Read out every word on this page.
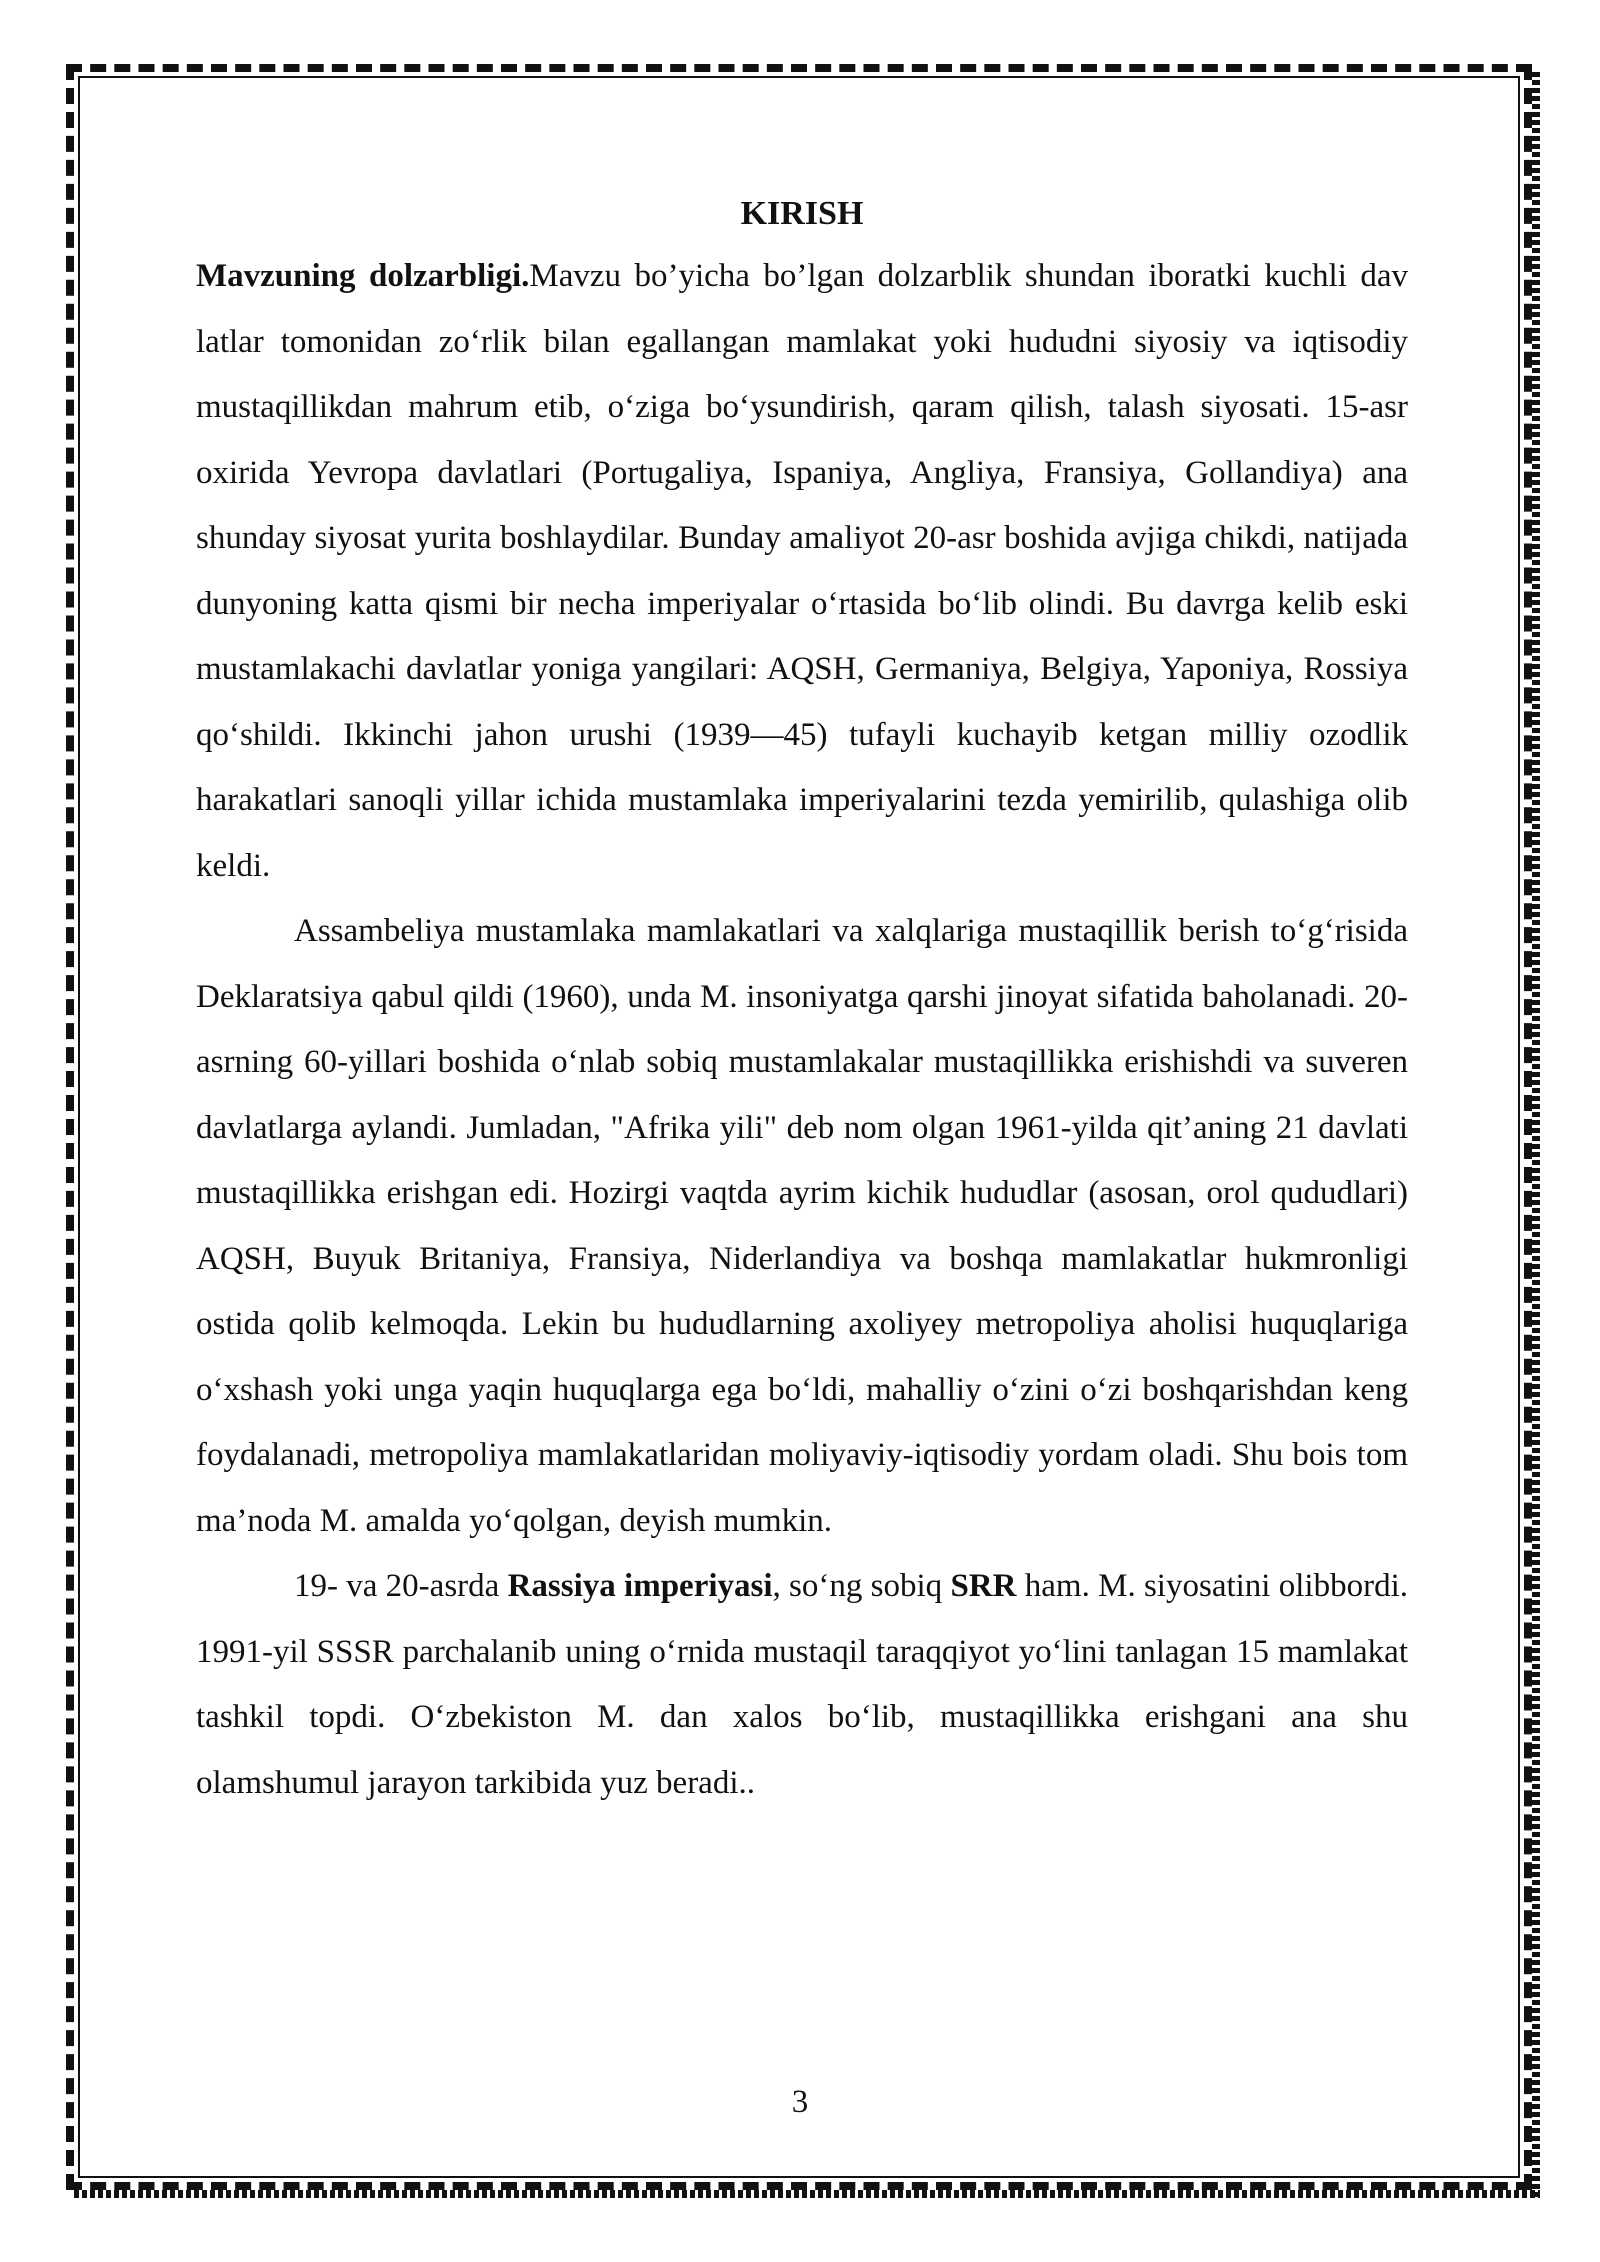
KIRISH

Mavzuning dolzarbligi.Mavzu bo’yicha bo’lgan dolzarblik shundan iboratki kuchli dav latlar tomonidan zo‘rlik bilan egallangan mamlakat yoki hududni siyosiy va iqtisodiy mustaqillikdan mahrum etib, o‘ziga bo‘ysundirish, qaram qilish, talash siyosati. 15-asr oxirida Yevropa davlatlari (Portugaliya, Ispaniya, Angliya, Fransiya, Gollandiya) ana shunday siyosat yurita boshlaydilar. Bunday amaliyot 20-asr boshida avjiga chikdi, natijada dunyoning katta qismi bir necha imperiyalar o‘rtasida bo‘lib olindi. Bu davrga kelib eski mustamlakachi davlatlar yoniga yangilari: AQSH, Germaniya, Belgiya, Yaponiya, Rossiya qo‘shildi. Ikkinchi jahon urushi (1939—45) tufayli kuchayib ketgan milliy ozodlik harakatlari sanoqli yillar ichida mustamlaka imperiyalarini tezda yemirilib, qulashiga olib keldi.

Assambeliya mustamlaka mamlakatlari va xalqlariga mustaqillik berish to‘g‘risida Deklaratsiya qabul qildi (1960), unda M. insoniyatga qarshi jinoyat sifatida baholanadi. 20-asrning 60-yillari boshida o‘nlab sobiq mustamlakalar mustaqillikka erishishdi va suveren davlatlarga aylandi. Jumladan, "Afrika yili" deb nom olgan 1961-yilda qit’aning 21 davlati mustaqillikka erishgan edi. Hozirgi vaqtda ayrim kichik hududlar (asosan, orol qududlari) AQSH, Buyuk Britaniya, Fransiya, Niderlandiya va boshqa mamlakatlar hukmronligi ostida qolib kelmoqda. Lekin bu hududlarning axoliyey metropoliya aholisi huquqlariga o‘xshash yoki unga yaqin huquqlarga ega bo‘ldi, mahalliy o‘zini o‘zi boshqarishdan keng foydalanadi, metropoliya mamlakatlaridan moliyaviy-iqtisodiy yordam oladi. Shu bois tom ma’noda M. amalda yo‘qolgan, deyish mumkin.

19- va 20-asrda Rassiya imperiyasi, so‘ng sobiq SRR ham. M. siyosatini olibbordi. 1991-yil SSSR parchalanib uning o‘rnida mustaqil taraqqiyot yo‘lini tanlagan 15 mamlakat tashkil topdi. O‘zbekiston M. dan xalos bo‘lib, mustaqillikka erishgani ana shu olamshumul jarayon tarkibida yuz beradi..

3
